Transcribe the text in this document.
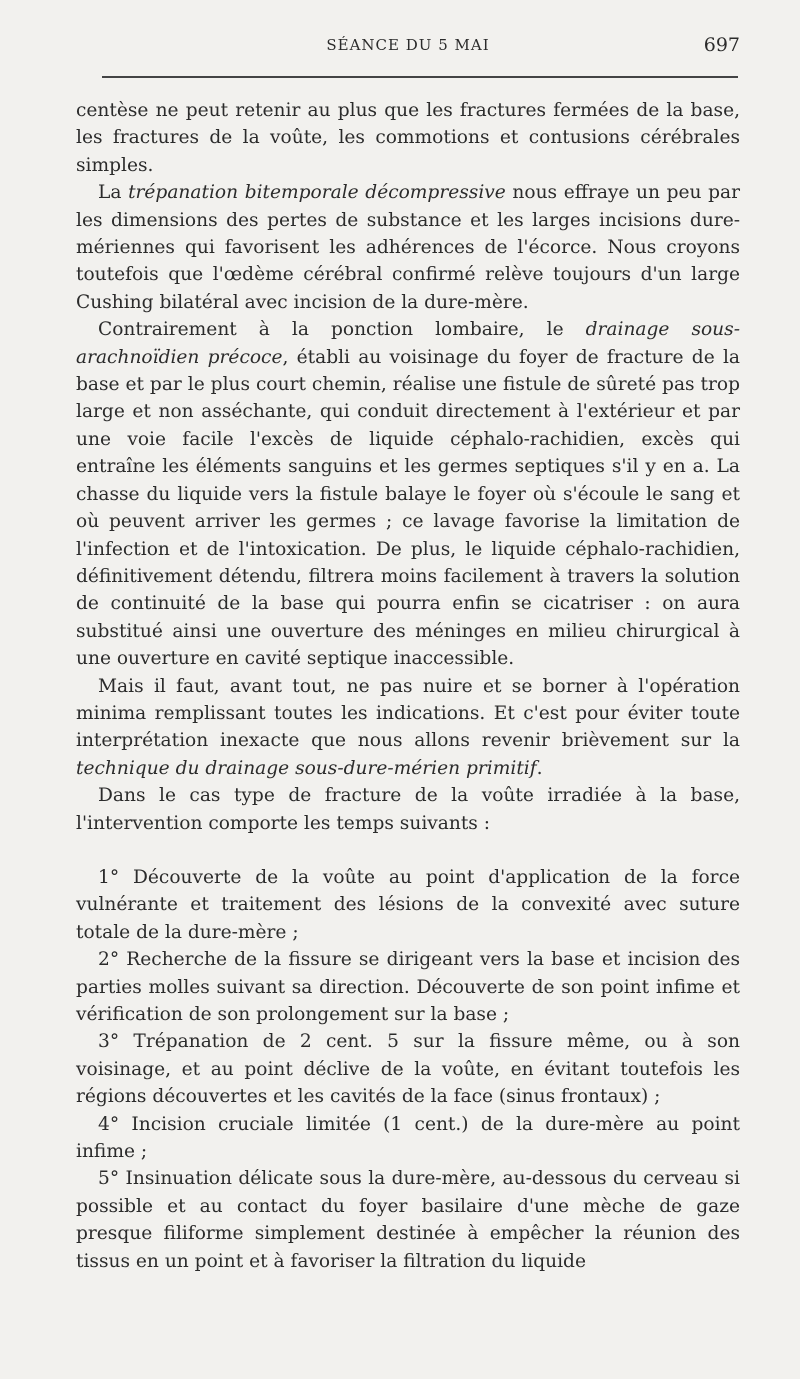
SÉANCE DU 5 MAI	697

centèse ne peut retenir au plus que les fractures fermées de la base, les fractures de la voûte, les commotions et contusions cérébrales simples.

La trépanation bitemporale décompressive nous effraye un peu par les dimensions des pertes de substance et les larges incisions dure-mériennes qui favorisent les adhérences de l'écorce. Nous croyons toutefois que l'œdème cérébral confirmé relève toujours d'un large Cushing bilatéral avec incision de la dure-mère.

Contrairement à la ponction lombaire, le drainage sous-arachnoïdien précoce, établi au voisinage du foyer de fracture de la base et par le plus court chemin, réalise une fistule de sûreté pas trop large et non asséchante, qui conduit directement à l'extérieur et par une voie facile l'excès de liquide céphalo-rachidien, excès qui entraîne les éléments sanguins et les germes septiques s'il y en a. La chasse du liquide vers la fistule balaye le foyer où s'écoule le sang et où peuvent arriver les germes ; ce lavage favorise la limitation de l'infection et de l'intoxication. De plus, le liquide céphalo-rachidien, définitivement détendu, filtrera moins facilement à travers la solution de continuité de la base qui pourra enfin se cicatriser : on aura substitué ainsi une ouverture des méninges en milieu chirurgical à une ouverture en cavité septique inaccessible.

Mais il faut, avant tout, ne pas nuire et se borner à l'opération minima remplissant toutes les indications. Et c'est pour éviter toute interprétation inexacte que nous allons revenir brièvement sur la technique du drainage sous-dure-mérien primitif.

Dans le cas type de fracture de la voûte irradiée à la base, l'intervention comporte les temps suivants :

1° Découverte de la voûte au point d'application de la force vulnérante et traitement des lésions de la convexité avec suture totale de la dure-mère ;

2° Recherche de la fissure se dirigeant vers la base et incision des parties molles suivant sa direction. Découverte de son point infime et vérification de son prolongement sur la base ;

3° Trépanation de 2 cent. 5 sur la fissure même, ou à son voisinage, et au point déclive de la voûte, en évitant toutefois les régions découvertes et les cavités de la face (sinus frontaux) ;

4° Incision cruciale limitée (1 cent.) de la dure-mère au point infime ;

5° Insinuation délicate sous la dure-mère, au-dessous du cerveau si possible et au contact du foyer basilaire d'une mèche de gaze presque filiforme simplement destinée à empêcher la réunion des tissus en un point et à favoriser la filtration du liquide
